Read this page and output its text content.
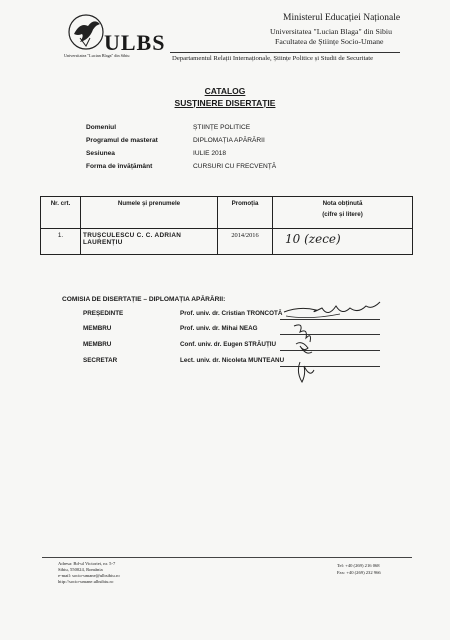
ULBS
Universitatea "Lucian Blaga" din Sibiu
Ministerul Educației Naționale
Universitatea "Lucian Blaga" din Sibiu
Facultatea de Științe Socio-Umane
Departamentul Relații Internaționale, Științe Politice și Studii de Securitate
CATALOG
SUSȚINERE DISERTAȚIE
Domeniul	ȘTIINȚE POLITICE
Programul de masterat	DIPLOMAȚIA APĂRĂRII
Sesiunea	IULIE 2018
Forma de învățământ	CURSURI CU FRECVENȚĂ
Nr. crt.	Numele și prenumele	Promoția	Nota obținută
(cifre și litere)

1.	TRUȘCULESCU C. C. ADRIAN LAURENȚIU	2014/2016	10 (zece)
COMISIA DE DISERTAȚIE – DIPLOMAȚIA APĂRĂRII:
PREȘEDINTE	Prof. univ. dr. Cristian TRONCOTĂ
MEMBRU	Prof. univ. dr. Mihai NEAG
MEMBRU	Conf. univ. dr. Eugen STRĂUȚIU
SECRETAR	Lect. univ. dr. Nicoleta MUNTEANU
Adresa: Bd-ul Victoriei, nr. 5-7
Sibiu, 550024, România
e-mail: socio-umane@ulbsibiu.ro
http://socio-umane.ulbsibiu.ro
Tel: +40 (269) 216 068
Fax: +40 (269) 232 966
